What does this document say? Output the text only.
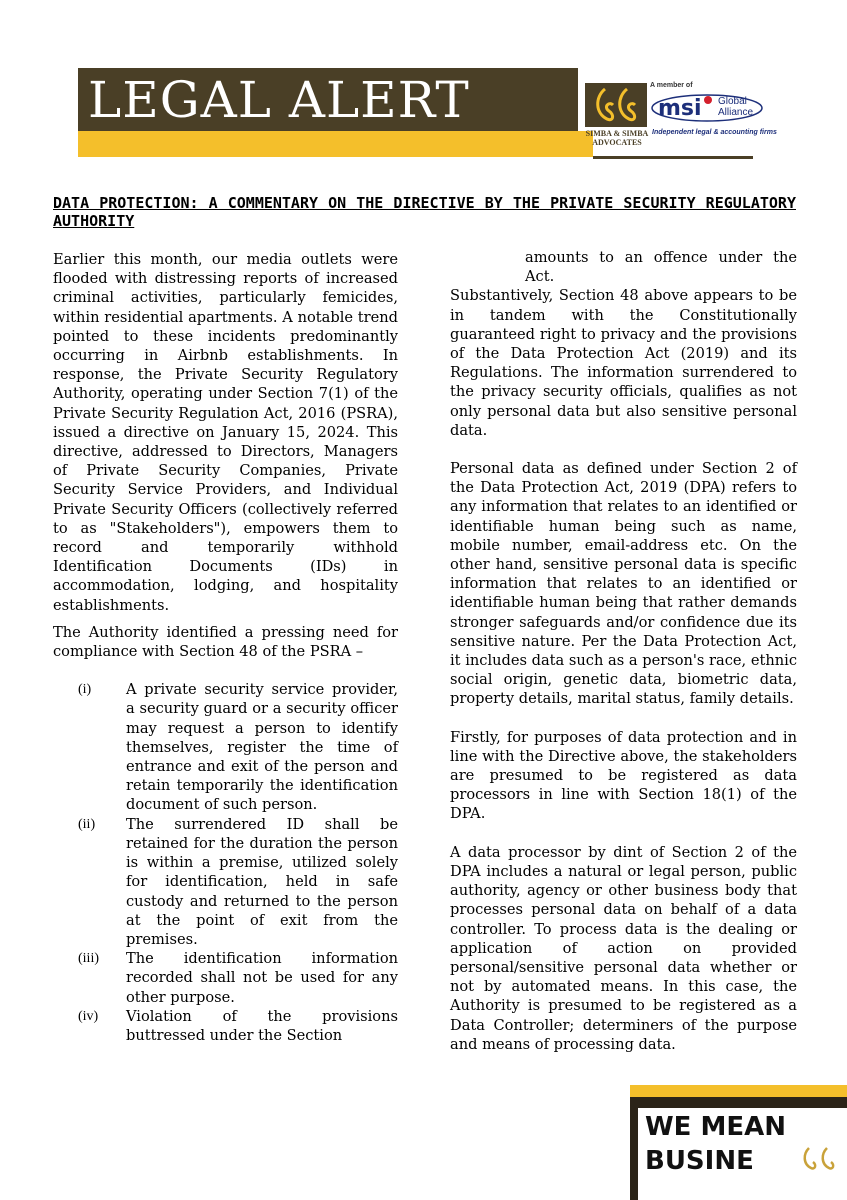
LEGAL ALERT
SIMBA & SIMBA
ADVOCATES
A member of
msi Global
Alliance
Independent legal & accounting firms
DATA PROTECTION: A COMMENTARY ON THE DIRECTIVE BY THE PRIVATE SECURITY REGULATORY AUTHORITY

Earlier this month, our media outlets were flooded with distressing reports of increased criminal activities, particularly femicides, within residential apartments. A notable trend pointed to these incidents predominantly occurring in Airbnb establishments. In response, the Private Security Regulatory Authority, operating under Section 7(1) of the Private Security Regulation Act, 2016 (PSRA), issued a directive on January 15, 2024. This directive, addressed to Directors, Managers of Private Security Companies, Private Security Service Providers, and Individual Private Security Officers (collectively referred to as "Stakeholders"), empowers them to record and temporarily withhold Identification Documents (IDs) in accommodation, lodging, and hospitality establishments.

The Authority identified a pressing need for compliance with Section 48 of the PSRA –

(i)	A private security service provider, a security guard or a security officer may request a person to identify themselves, register the time of entrance and exit of the person and retain temporarily the identification document of such person.
(ii)	The surrendered ID shall be retained for the duration the person is within a premise, utilized solely for identification, held in safe custody and returned to the person at the point of exit from the premises.
(iii)	The identification information recorded shall not be used for any other purpose.
(iv)	Violation of the provisions buttressed under the Section

amounts to an offence under the Act.

Substantively, Section 48 above appears to be in tandem with the Constitutionally guaranteed right to privacy and the provisions of the Data Protection Act (2019) and its Regulations. The information surrendered to the privacy security officials, qualifies as not only personal data but also sensitive personal data.

Personal data as defined under Section 2 of the Data Protection Act, 2019 (DPA) refers to any information that relates to an identified or identifiable human being such as name, mobile number, email-address etc. On the other hand, sensitive personal data is specific information that relates to an identified or identifiable human being that rather demands stronger safeguards and/or confidence due its sensitive nature. Per the Data Protection Act, it includes data such as a person's race, ethnic social origin, genetic data, biometric data, property details, marital status, family details.

Firstly, for purposes of data protection and in line with the Directive above, the stakeholders are presumed to be registered as data processors in line with Section 18(1) of the DPA.

A data processor by dint of Section 2 of the DPA includes a natural or legal person, public authority, agency or other business body that processes personal data on behalf of a data controller. To process data is the dealing or application of action on provided personal/sensitive personal data whether or not by automated means. In this case, the Authority is presumed to be registered as a Data Controller; determiners of the purpose and means of processing data.

WE MEAN
BUSINE
